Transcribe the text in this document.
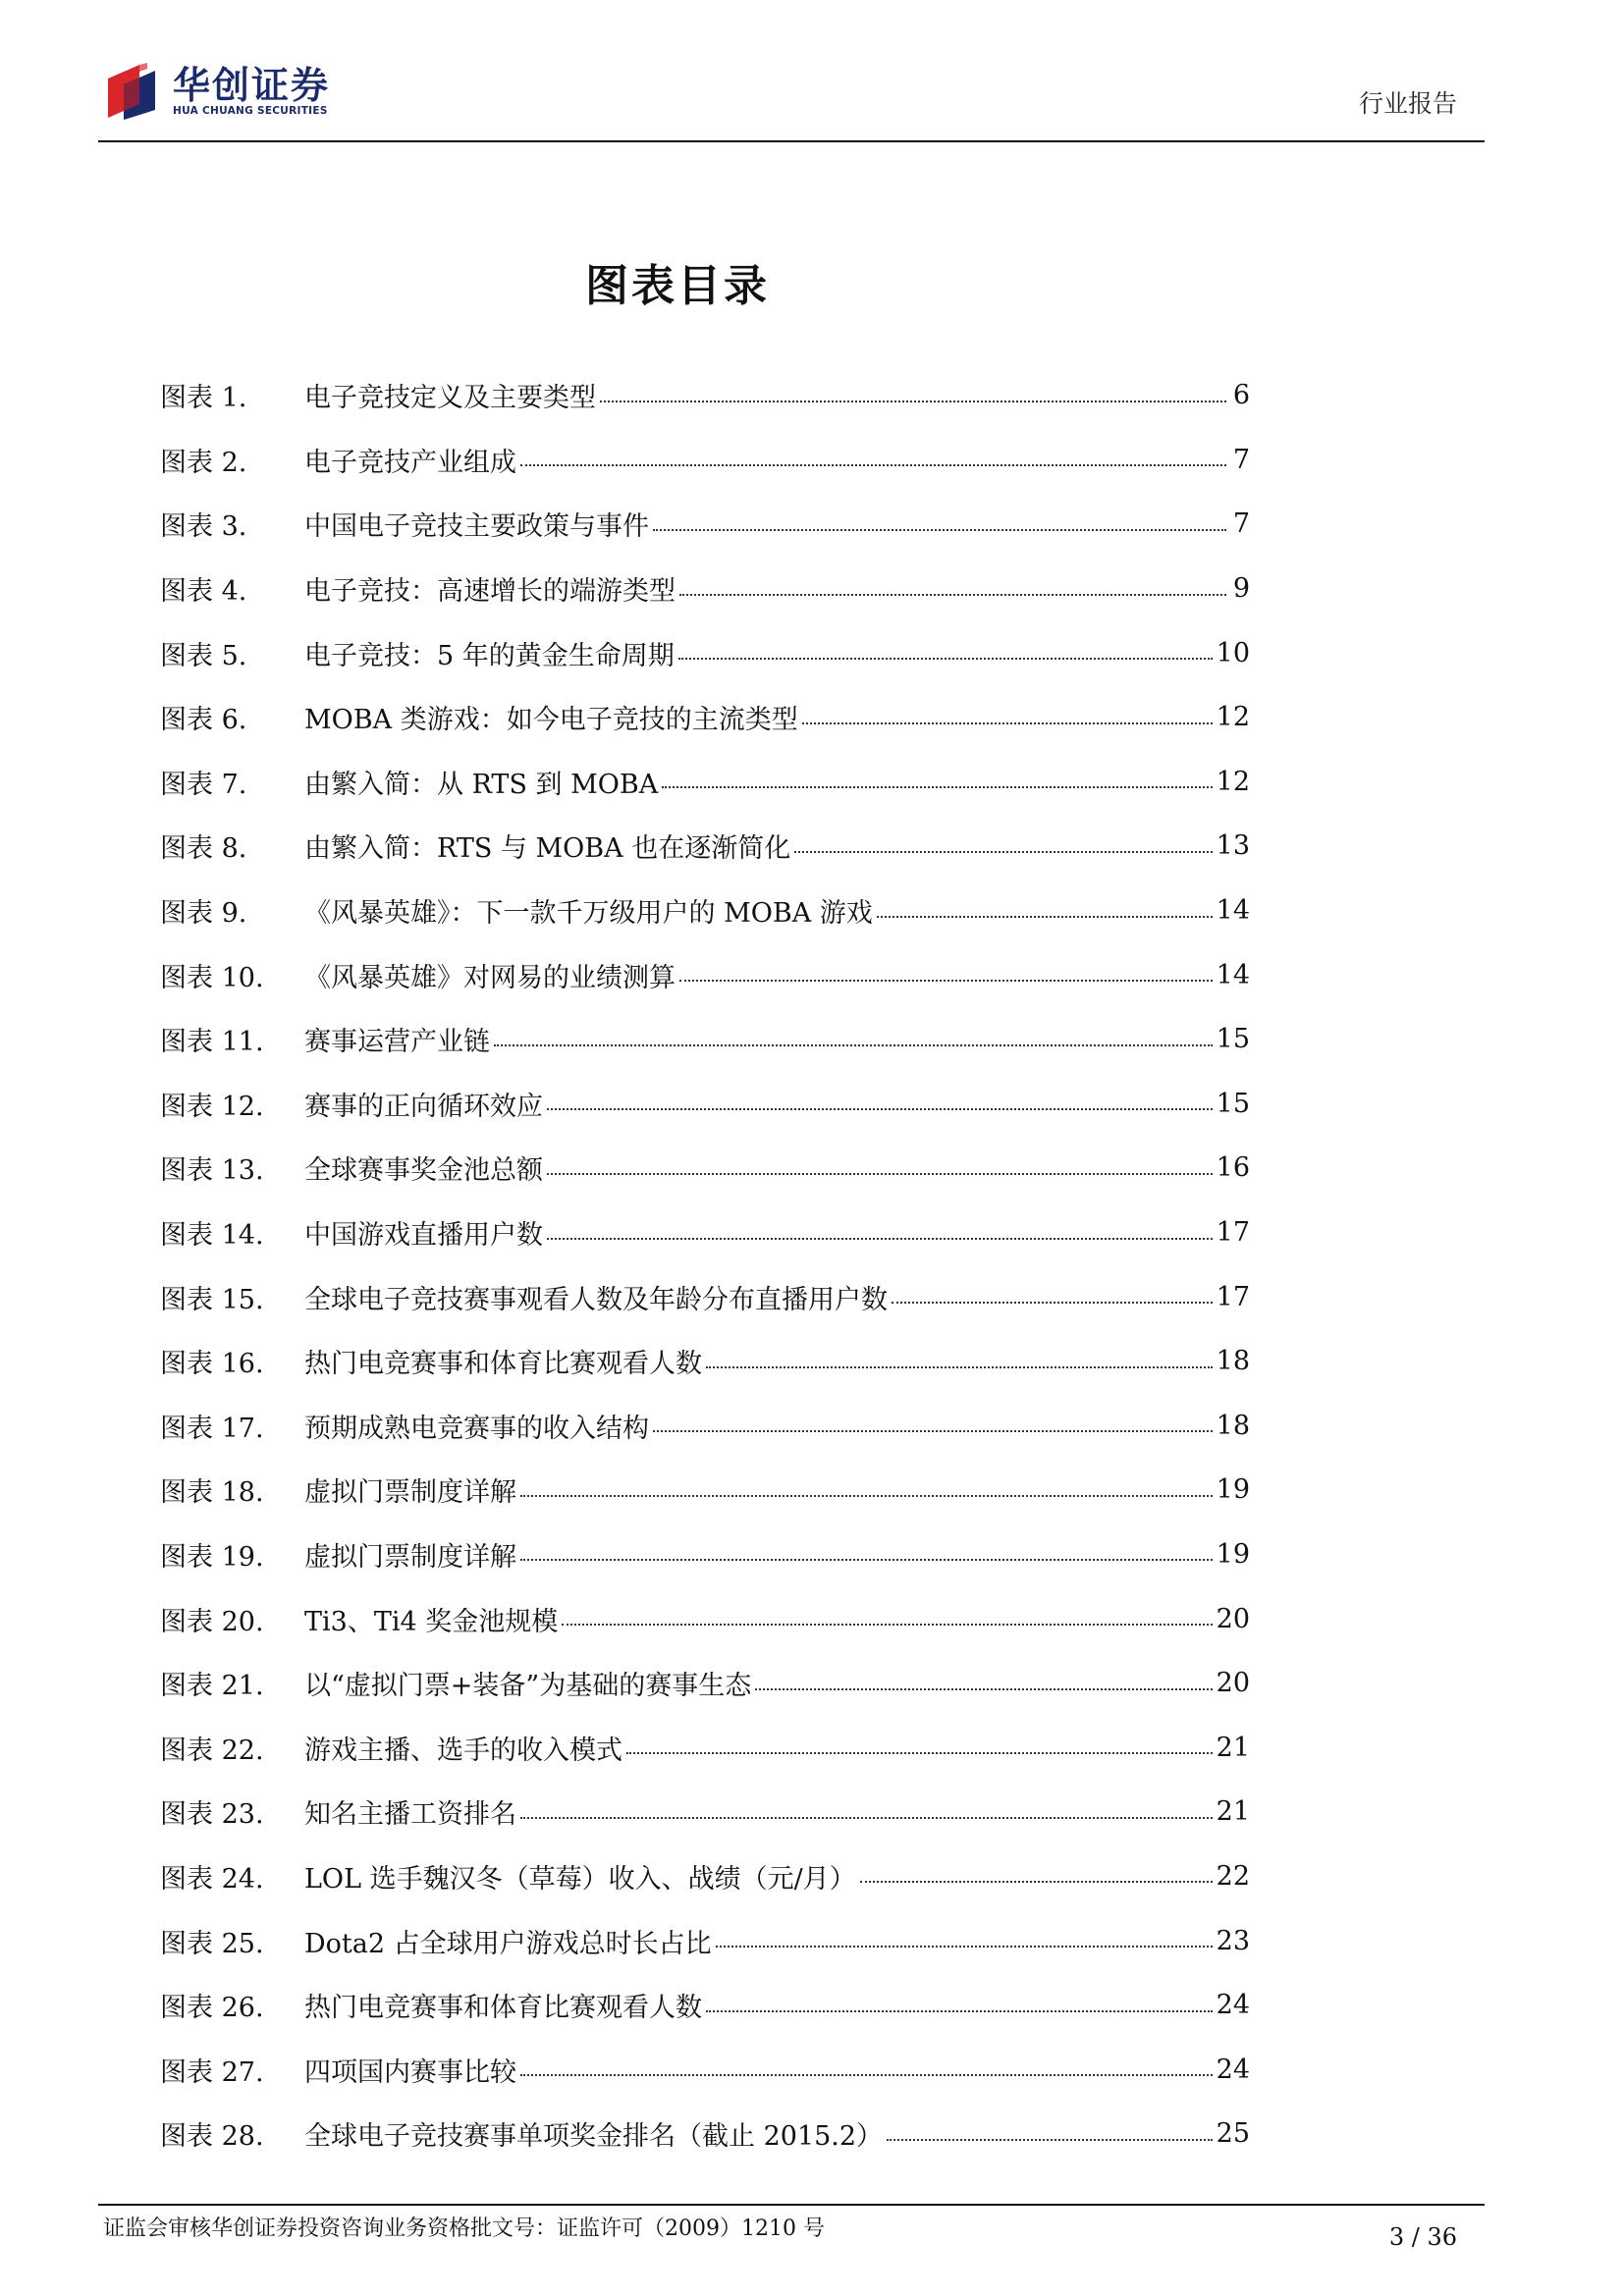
华创证券
HUA CHUANG SECURITIES	行业报告
图表目录
图表 1.	电子竞技定义及主要类型	6
图表 2.	电子竞技产业组成	7
图表 3.	中国电子竞技主要政策与事件	7
图表 4.	电子竞技：高速增长的端游类型	9
图表 5.	电子竞技：5 年的黄金生命周期	10
图表 6.	MOBA 类游戏：如今电子竞技的主流类型	12
图表 7.	由繁入简：从 RTS 到 MOBA	12
图表 8.	由繁入简：RTS 与 MOBA 也在逐渐简化	13
图表 9.	《风暴英雄》：下一款千万级用户的 MOBA 游戏	14
图表 10.	《风暴英雄》对网易的业绩测算	14
图表 11.	赛事运营产业链	15
图表 12.	赛事的正向循环效应	15
图表 13.	全球赛事奖金池总额	16
图表 14.	中国游戏直播用户数	17
图表 15.	全球电子竞技赛事观看人数及年龄分布直播用户数	17
图表 16.	热门电竞赛事和体育比赛观看人数	18
图表 17.	预期成熟电竞赛事的收入结构	18
图表 18.	虚拟门票制度详解	19
图表 19.	虚拟门票制度详解	19
图表 20.	Ti3、Ti4 奖金池规模	20
图表 21.	以“虚拟门票+装备”为基础的赛事生态	20
图表 22.	游戏主播、选手的收入模式	21
图表 23.	知名主播工资排名	21
图表 24.	LOL 选手魏汉冬（草莓）收入、战绩（元/月）	22
图表 25.	Dota2 占全球用户游戏总时长占比	23
图表 26.	热门电竞赛事和体育比赛观看人数	24
图表 27.	四项国内赛事比较	24
图表 28.	全球电子竞技赛事单项奖金排名（截止 2015.2）	25
证监会审核华创证券投资咨询业务资格批文号：证监许可（2009）1210 号	3 / 36
